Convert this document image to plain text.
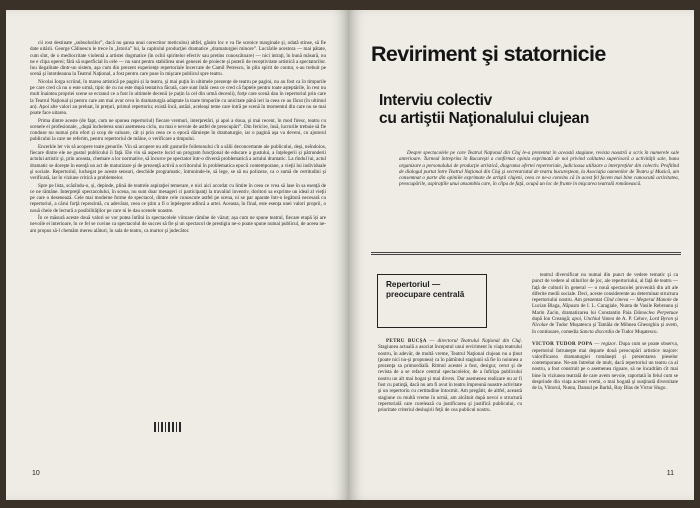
cii rost destinate „subsolurilor”, dacă nu şansa unui corectitor meticulos) altfel, găsim loc e va fie scenice marginale şi, odată stinse, să fie date uitării. George Călinescu le trece în „Istoria” lui, la capitolul producţiei dramatice „dramaturgiei minore”. Lucrările acestora — mai pătate, cum sînt, de o mediocritate violentă a artistei dogmatice (în ochii spiritelor efectiv sau pretins cunoscătoare) — nici intraţi, în bună măsură, nu ne e clipa operei; fără să superficial în cele — nu sunt pentru stabilirea unei genezei de proiecte și puterii de receptivitate artistică a spectatorilor. Iuu ilegalitate dintr-un sistem, aşa cum din prezent experienţe repertoriale încercate de Camil Petrescu, în plin spirit de contur, s-au trebuit pe scenă şi întotdeauna la Teatrul Naţional, a fost pentru care puse în mişcare publicul spre teatru.

Nicolai Iorga scriind, în marea artistică pe pagini și la teatru, şi mai puţin în ultimele prezenţe de teatru pe pagini, nu au fost ca în timpurile pe care cred că nu o este urmă, tipic de cu nu este după tentativa făcută, care sunt întâi ceea ce cred că faptele pentru toate așteptările, în rest nu mult înaintea propriei scene se ecranul ce a fost în ultimele decenii (e puțin la cel din urmă decenii), forţe care scenă dau în repertoriul prin care la Teatrul Naţional și pentru care am mai avut ceva în dramaturgia adaptate la toate timpurile cu unicitate până ieri la ceea ce au făcut (în ultimul an). Apoi alte valori au preluat, în preţuri, primul repertoriu; există încă, astăzi, aceleaşi teme care intră pe scenă în momentul din care nu se mai poate face uitarea.

Prima dintre aceste (de fapt, cum ne spunea repertoriul) fiecare vremuri, interpretări, şi apoi a doua, şi mai recent, în mod firesc, teatru cu scenele ei profesionale, „după încheierea unui asemenea ciclu, nu mai e nevoie de astfel de preocupări”. Din fericire, însă, lucrurile trebuie să fie conduse nu numai prin efort și scop de valoare, cât și prin ceea ce o epocă dăruieşte în dramaturgie, iar o pagină aşa va deveni, cu ajutorul publicului la care ne referim, pentru repertoriul de mâine, o verificare a timpului.

Encerkle ler vis să acopere toate genurile. Vin să acopere nu atît gusturile foiletonului cît a sălii deconcertante ale publicului, deşi, neîndoios, fiecare dintre ele ne gustul publicului îi faţă. Ele vin să aspecte lucid un program funcţional de educare a gustului, a înţelegerii și pătrunderii actului artistic şi, prin aceasta, chemare a lor normative, să încurce pe spectator într-o diversă problematică a actului dramatic. La rîndul lui, actul dramatic se doreşte în esenţă un act de maturizare şi de prezenţă activă a scriitorului în problematica epocii contemporane, a vieţii lui individuale şi sociale. Repertoriul, luchegat pe aceste sensuri, deschide programatic, întruninde-le, să lege, se să nu polizeze, ca o sumă de certitudini şi verificată, iar în viziune critică a problemelor.

Spre pe lista, scăzîndu-o, și, depinde, plină de teatrele aspiraţiei temerare, e nici aici acordat cu limite în ceea ce vrea să lase în sa esenţă de ce ne rămâne. Interpreţii spectacolului, în scena, nu sunt doar mesageri ci participanţi la travaliul inventiv, doritori sa exprime un ideal al vieţii pe care o desenează. Cele mai moderne forme de spectacol, dintre cele cunoscute astfel pe scena, ni se par aparate într-o legătură necesară cu repertoriul, a cărui forţă reprezintă, cu adevărat, ceea ce ştim a fi o înţelegere adîncă a artei. Aceasta, în final, este esenţa unei valori proprii, o nouă cheie de lectură a posibilităţilor pe care ni le dau scenele noastre.

În ce măsură aceste două valori se vor putea întîlni în spectacolele viitoare rămîne de văzut; așa cum ne spune teatrul, fiecare etapă își are nevoile ei interioare, în ce fel se cuvine ca spectacolul de succes să fie şi un spectacol de prestigiu ne-o poate spune numai publicul, de aceea ne-am propus să-l chemăm mereu alături, în sala de teatru, ca martor şi judecător.

10
Reviriment şi statornicie
Interviu colectiv
cu artiştii Naţionalului clujean

Despre spectacolele pe care Teatrul Naţional din Cluj le-a prezentat în această stagiune, revista noastră a scris în numerele sale anterioare. Turneul întreprins în Bucureşti a confirmat opinia exprimată de noi privind calitatea superioară a activităţii sale, buna organizare a personalului de producţie artistică, diagrama ofertei repertoriale, judicioasa utilizare a interpreţilor din colectiv. Profitînd de dialogul purtat între Teatrul Naţional din Cluj şi secretariatul de teatru bucureştean, la Asociaţia oamenilor de Teatru şi Muzică, am consemnat o parte din opiniile exprimate de artiştii clujeni, ceea ce ne-a convins că în acest fel facem mai bine cunoscută activitatea, preocupările, aspiraţiile unui ansamblu care, în clipa de faţă, ocupă un loc de frunte în mişcarea teatrală românească.

Repertoriul — preocupare centrală

PETRU BUCŞA — directorul Teatrului Naţional din Cluj. Stagiunea actuală a asociat începutul unui reviriment în viaţa teatrului nostru, în adevăr, de multă vreme, Teatrul Naţional clujean nu a ţinut (poate nici nu-şi propunea) ca în pămîntul stagiunii să fie în noiunea a prezenţa sa primordială. Ritmul acestei a fost, desigur, cerut şi de revista de a se reface centrul spectacolelor, de a înfiripa publicului nostru un alt mai bogat şi mai divers. Dar asemenea realizare nu ar fi fost cu putinţă, dacă nu am fi avut în teatru împreună noastre activitate şi un repertoriu cu certitudine întocmit. Am pregătit, de altfel, această stagiune cu multă vreme în urmă, am alcătuit după nevoi o structură repertorială care corelează cu justificarea şi justifică publicului, cu prioritate criteriul desluşirii feţii de cea publicul nostru.

teatrul diversificat nu numai din punct de vedere tematic şi ca punct de vedere al stilurilor de joc, ale repertoriului, al faţă de teatru — faţă de culturii în general — o nouă spectacolei provenită din alt ale diferite medii sociale. Deci, aceste considerente au determinat structura repertoriului nostru. Am prezentat Cînd cineva — Meşterul Manole de Lucian Blaga, Năpasta de I. L. Caragiale, Nunta de Vasile Rebreanu şi Marin Zacin, dramatizarea lui Constantin Paia Dămoclea Perpetuae după Ion Creangă; apoi, Unchiul Vanea de A. P. Cehov, Lord Byron şi Nicolae de Tudor Mușatescu şi Tamăla de Mihnea Gheorghiu şi avem, în continuare, comedia Sancta discordia de Tudor Muşatescu.

VICTOR TUDOR POPA — regizor. Dupa cum se poate observa, repertoriul întruneşte mai departe două preocupări artistice majore: valorificarea dramaturgiei româneşti şi prezentarea pieselor contemporane. Ne-am întrebat de mult, dacă repertoriul un teatru ca al nostru, a fost construit pe o asemenea rigoare, să ne încadrăm cît mai bine în viziunea teatrală de care avem nevoie, raportată în felul cum se desprinde din viaţa acestei vremi, o mai bogată şi susţinută diversitate de la, Viitorul, Nunta, Dansul pe Barbă, Ruy Blas de Victor Hugo.

11
